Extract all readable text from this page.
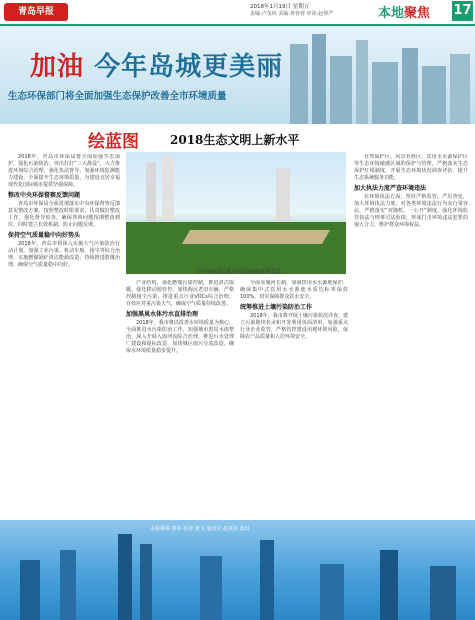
青岛早报	2018年1月19日 星期五
责编:卢茂林 美编:黄蓉蓉 审读:赵仰严	本地聚焦 17
加油 今年岛城更美丽
生态环保部门将全面加强生态保护改善全市环境质量
绘蓝图	2018生态文明上新水平

2018年，青岛市环保局将全面加强生态保护，强化污染防治，突出打好“三大战役”，大力推进环境综合治理，强化执法督导，加强环境监测能力建设，全面提升生态环境质量，为建设宜居幸福现代化国际城市提供坚强保障。

整改中央环保督察反馈问题

青岛市环保局全面贯彻落实中央环保督察反馈意见整改方案，按照整改时限要求，认真做好整改工作，强化督导检查，确保各项问题按期整改到位，同时建立长效机制，防止问题反弹。

保持空气质量稳中向好势头

2018年，青岛市将深入实施大气污染防治行动计划，加强工业污染、机动车船、扬尘等综合治理，实施燃煤锅炉清洁能源改造，持续推进散煤治理，确保空气质量稳中向好。

李村河改造后成为市民休闲娱乐好去处。

产业结构，强化燃煤污染控制，推进清洁取暖。强化移动源管控，加快淘汰老旧车辆，严格控制扬尘污染，推进重点行业VOCs综合治理，有效应对重污染天气，确保空气质量持续改善。

加强黑臭水体污水直排治理

2018年，我市将以改善水环境质量为核心，全面推进水污染防治工作，加强城市黑臭水体整治，深入开展入海河流综合治理，推进污水处理厂建设和提标改造，加快城区雨污分流改造，确保水环境质量稳步提升。

全面实施河长制，加强饮用水水源地保护，确保集中式饮用水水源地水质达标率保持100%，切实保障群众饮水安全。

统筹推进土壤污染防治工作

2018年，我市将开展土壤污染状况详查，建立污染地块名录和开发利用负面清单，加强重点行业企业监管，严格管控建设用地环境风险，保障农产品质量和人居环境安全。

自然保护区、风景名胜区、饮用水水源保护区等生态环境敏感区域的保护与管理，严格落实生态保护红线制度，开展生态环境状况调查评估，提升生态系统服务功能。

加大执法力度严查环境违法

在环境执法方面，坚持严格监管、严厉查处，加大环境执法力度，对各类环境违法行为实行零容忍，严格落实“双随机、一公开”制度，强化环境监管执法与刑事司法衔接，形成打击环境违法犯罪的强大合力，维护群众环境权益。

本版撰稿 摄影 杜涛 窦飞 通讯员 赵真周 蓝田
